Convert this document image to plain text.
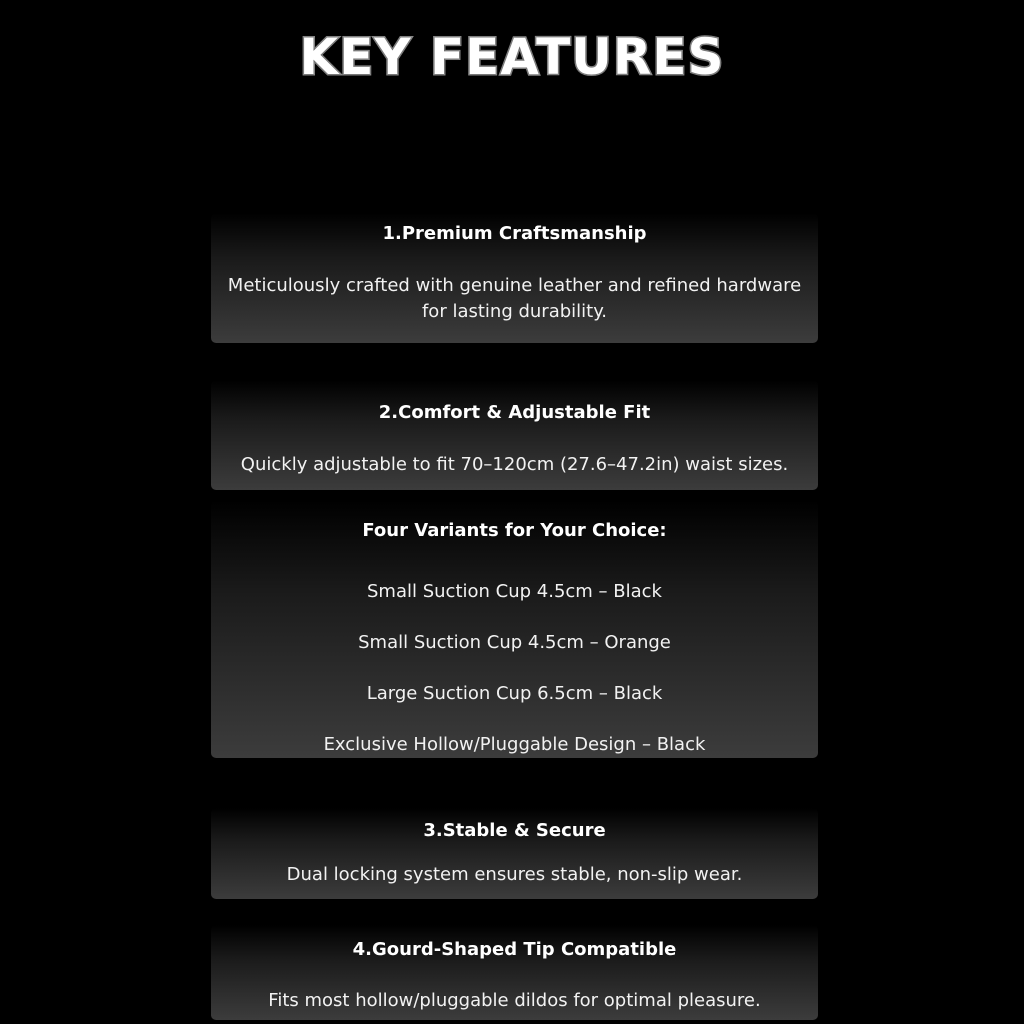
KEY FEATURES
1.Premium Craftsmanship
Meticulously crafted with genuine leather and refined hardware for lasting durability.
2.Comfort & Adjustable Fit
Quickly adjustable to fit 70–120cm (27.6–47.2in) waist sizes.
Four Variants for Your Choice:
Small Suction Cup 4.5cm – Black
Small Suction Cup 4.5cm – Orange
Large Suction Cup 6.5cm – Black
Exclusive Hollow/Pluggable Design – Black
3.Stable & Secure
Dual locking system ensures stable, non-slip wear.
4.Gourd-Shaped Tip Compatible
Fits most hollow/pluggable dildos for optimal pleasure.
